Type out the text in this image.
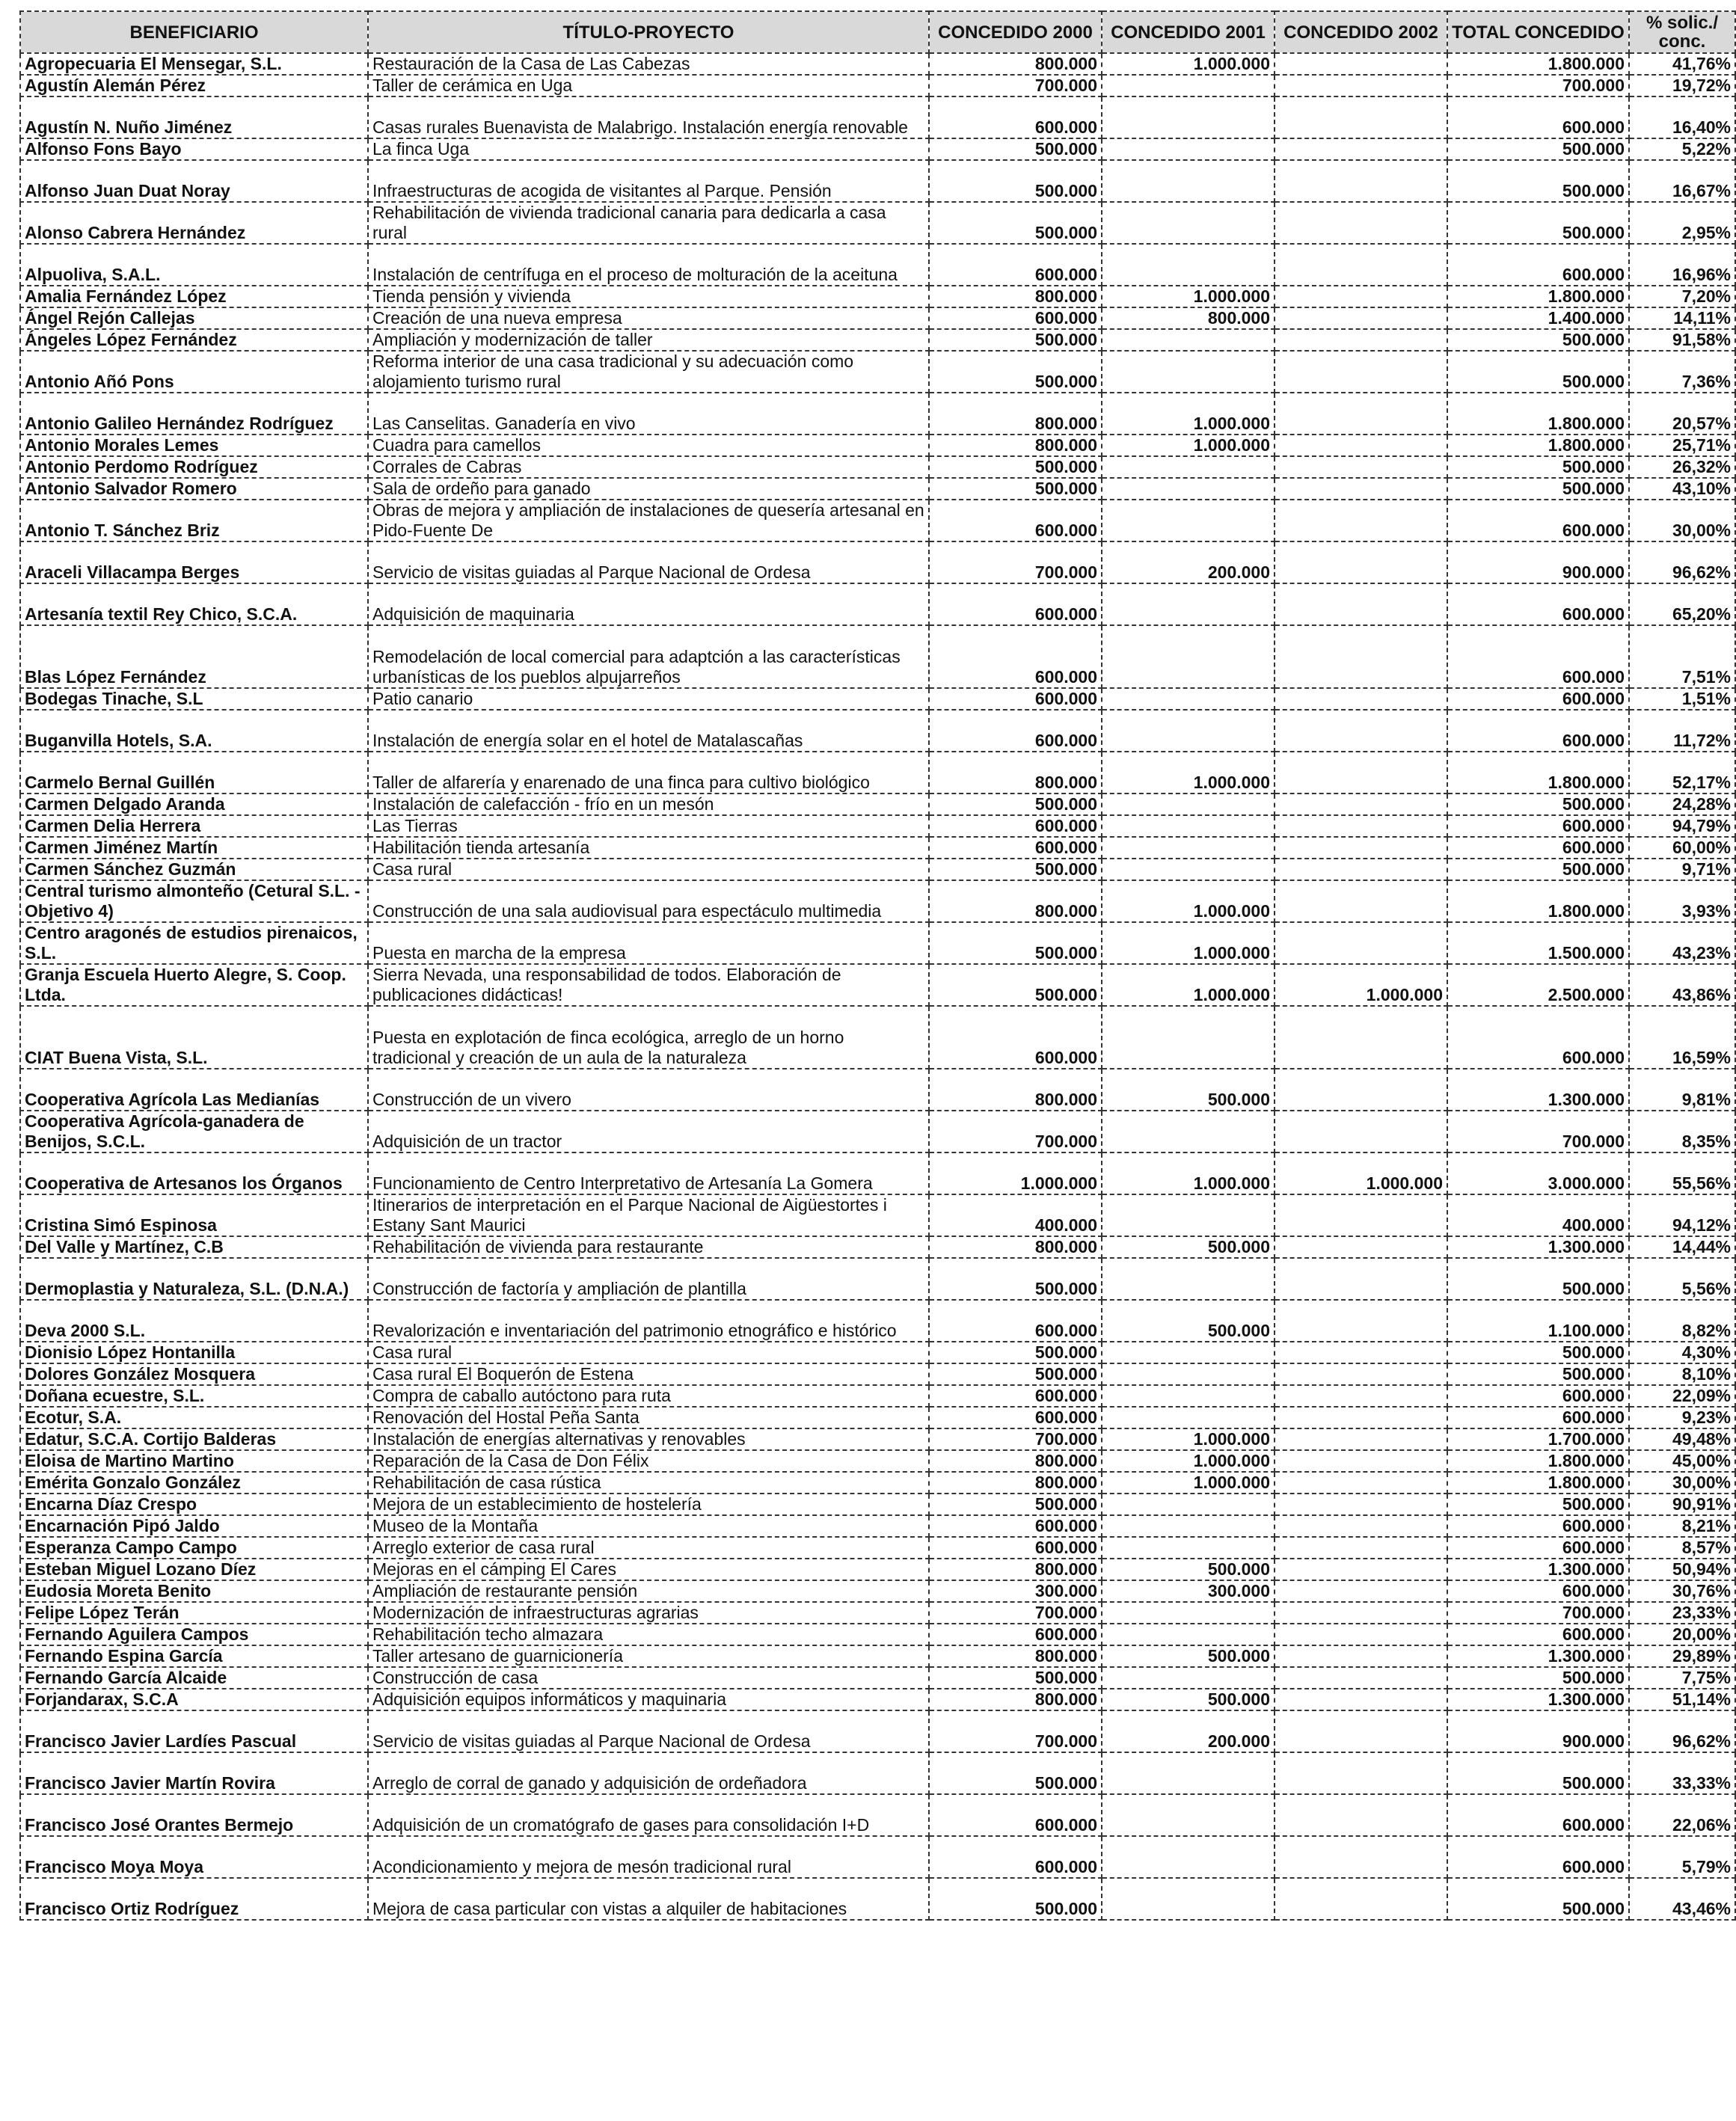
BENEFICIARIO	TÍTULO-PROYECTO	CONCEDIDO 2000	CONCEDIDO 2001	CONCEDIDO 2002	TOTAL CONCEDIDO	% solic./ conc.
Agropecuaria El Mensegar, S.L.	Restauración de la Casa de Las Cabezas	800.000	1.000.000		1.800.000	41,76%
Agustín Alemán Pérez	Taller de cerámica en Uga	700.000			700.000	19,72%
Agustín N. Nuño Jiménez	Casas rurales Buenavista de Malabrigo. Instalación energía renovable	600.000			600.000	16,40%
Alfonso Fons Bayo	La finca Uga	500.000			500.000	5,22%
Alfonso Juan Duat Noray	Infraestructuras de acogida de visitantes al Parque. Pensión	500.000			500.000	16,67%
Alonso Cabrera Hernández	Rehabilitación de vivienda tradicional canaria para dedicarla a casa rural	500.000			500.000	2,95%
Alpuoliva, S.A.L.	Instalación de centrífuga en el proceso de molturación de la aceituna	600.000			600.000	16,96%
Amalia Fernández López	Tienda pensión y vivienda	800.000	1.000.000		1.800.000	7,20%
Ángel Rejón Callejas	Creación de una nueva empresa	600.000	800.000		1.400.000	14,11%
Ángeles López Fernández	Ampliación y modernización de taller	500.000			500.000	91,58%
Antonio Añó Pons	Reforma interior de una casa tradicional y su adecuación como alojamiento turismo rural	500.000			500.000	7,36%
Antonio Galileo Hernández Rodríguez	Las Canselitas. Ganadería en vivo	800.000	1.000.000		1.800.000	20,57%
Antonio Morales Lemes	Cuadra para camellos	800.000	1.000.000		1.800.000	25,71%
Antonio Perdomo Rodríguez	Corrales de Cabras	500.000			500.000	26,32%
Antonio Salvador Romero	Sala de ordeño para ganado	500.000			500.000	43,10%
Antonio T. Sánchez Briz	Obras de mejora y ampliación de instalaciones de quesería artesanal en Pido-Fuente De	600.000			600.000	30,00%
Araceli Villacampa Berges	Servicio de visitas guiadas al Parque Nacional de Ordesa	700.000	200.000		900.000	96,62%
Artesanía textil Rey Chico, S.C.A.	Adquisición de maquinaria	600.000			600.000	65,20%
Blas López Fernández	Remodelación de local comercial para adaptción a las características urbanísticas de los pueblos alpujarreños	600.000			600.000	7,51%
Bodegas Tinache, S.L	Patio canario	600.000			600.000	1,51%
Buganvilla Hotels, S.A.	Instalación de energía solar en el hotel de Matalascañas	600.000			600.000	11,72%
Carmelo Bernal Guillén	Taller de alfarería y enarenado de una finca para cultivo biológico	800.000	1.000.000		1.800.000	52,17%
Carmen Delgado Aranda	Instalación de calefacción - frío en un mesón	500.000			500.000	24,28%
Carmen Delia Herrera	Las Tierras	600.000			600.000	94,79%
Carmen Jiménez Martín	Habilitación tienda artesanía	600.000			600.000	60,00%
Carmen Sánchez Guzmán	Casa rural	500.000			500.000	9,71%
Central turismo almonteño (Cetural S.L. - Objetivo 4)	Construcción de una sala audiovisual para espectáculo multimedia	800.000	1.000.000		1.800.000	3,93%
Centro aragonés de estudios pirenaicos, S.L.	Puesta en marcha de la empresa	500.000	1.000.000		1.500.000	43,23%
Granja Escuela Huerto Alegre, S. Coop. Ltda.	Sierra Nevada, una responsabilidad de todos. Elaboración de publicaciones didácticas!	500.000	1.000.000	1.000.000	2.500.000	43,86%
CIAT Buena Vista, S.L.	Puesta en explotación de finca ecológica, arreglo de un horno tradicional y creación de un aula de la naturaleza	600.000			600.000	16,59%
Cooperativa Agrícola Las Medianías	Construcción de un vivero	800.000	500.000		1.300.000	9,81%
Cooperativa Agrícola-ganadera de Benijos, S.C.L.	Adquisición de un tractor	700.000			700.000	8,35%
Cooperativa de Artesanos los Órganos	Funcionamiento de Centro Interpretativo de Artesanía La Gomera	1.000.000	1.000.000	1.000.000	3.000.000	55,56%
Cristina Simó Espinosa	Itinerarios de interpretación en el Parque Nacional de Aigüestortes i Estany Sant Maurici	400.000			400.000	94,12%
Del Valle y Martínez, C.B	Rehabilitación de vivienda para restaurante	800.000	500.000		1.300.000	14,44%
Dermoplastia y Naturaleza, S.L. (D.N.A.)	Construcción de factoría y ampliación de plantilla	500.000			500.000	5,56%
Deva 2000 S.L.	Revalorización e inventariación del patrimonio etnográfico e histórico	600.000	500.000		1.100.000	8,82%
Dionisio López Hontanilla	Casa rural	500.000			500.000	4,30%
Dolores González Mosquera	Casa rural El Boquerón de Estena	500.000			500.000	8,10%
Doñana ecuestre, S.L.	Compra de caballo autóctono para ruta	600.000			600.000	22,09%
Ecotur, S.A.	Renovación del Hostal Peña Santa	600.000			600.000	9,23%
Edatur, S.C.A. Cortijo Balderas	Instalación de energías alternativas y renovables	700.000	1.000.000		1.700.000	49,48%
Eloisa de Martino Martino	Reparación de la Casa de Don Félix	800.000	1.000.000		1.800.000	45,00%
Emérita Gonzalo González	Rehabilitación de casa rústica	800.000	1.000.000		1.800.000	30,00%
Encarna Díaz Crespo	Mejora de un establecimiento de hostelería	500.000			500.000	90,91%
Encarnación Pipó Jaldo	Museo de la Montaña	600.000			600.000	8,21%
Esperanza Campo Campo	Arreglo exterior de casa rural	600.000			600.000	8,57%
Esteban Miguel Lozano Díez	Mejoras en el cámping El Cares	800.000	500.000		1.300.000	50,94%
Eudosia Moreta Benito	Ampliación de restaurante pensión	300.000	300.000		600.000	30,76%
Felipe López Terán	Modernización de infraestructuras agrarias	700.000			700.000	23,33%
Fernando Aguilera Campos	Rehabilitación techo almazara	600.000			600.000	20,00%
Fernando Espina García	Taller artesano de guarnicionería	800.000	500.000		1.300.000	29,89%
Fernando García Alcaide	Construcción de casa	500.000			500.000	7,75%
Forjandarax, S.C.A	Adquisición equipos informáticos y maquinaria	800.000	500.000		1.300.000	51,14%
Francisco Javier Lardíes Pascual	Servicio de visitas guiadas al Parque Nacional de Ordesa	700.000	200.000		900.000	96,62%
Francisco Javier Martín Rovira	Arreglo de corral de ganado y adquisición de ordeñadora	500.000			500.000	33,33%
Francisco José Orantes Bermejo	Adquisición de un cromatógrafo de gases para consolidación I+D	600.000			600.000	22,06%
Francisco Moya Moya	Acondicionamiento y mejora de mesón tradicional rural	600.000			600.000	5,79%
Francisco Ortiz Rodríguez	Mejora de casa particular con vistas a alquiler de habitaciones	500.000			500.000	43,46%
